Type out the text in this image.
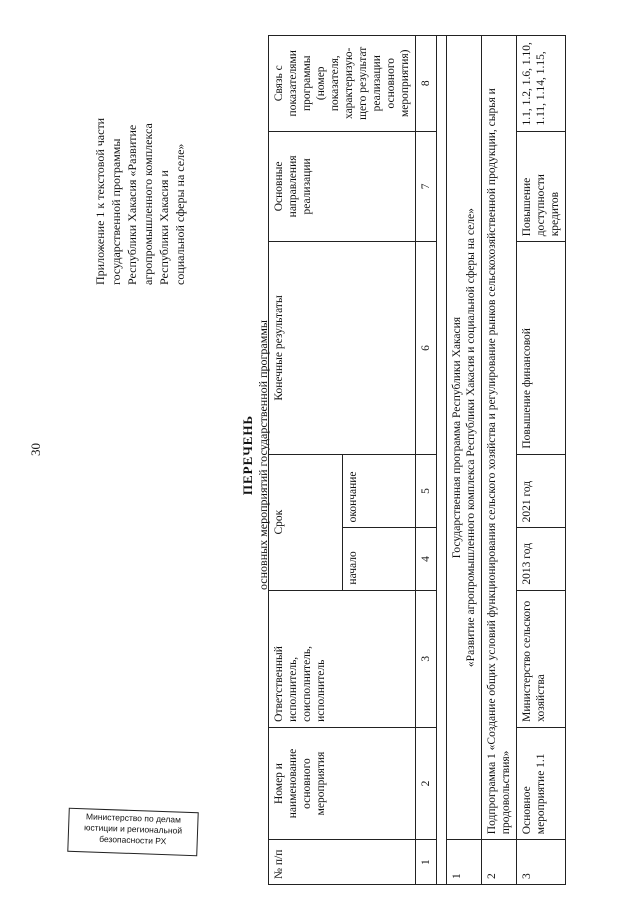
30
Приложение 1 к текстовой части государственной программы Республики Хакасия «Развитие агропромышленного комплекса Республики Хакасия и социальной сферы на селе»
ПЕРЕЧЕНЬ основных мероприятий государственной программы
№ п/п	Номер и наименование основного мероприятия	Ответственный исполнитель, соисполнитель, исполнитель	Срок		Конечные результаты	Основные направления реализации	Связь с показателями программы (номер показателя, характеризую-щего результат реализации основного мероприятия)
			начало	окончание			
1	2	3	4	5	6	7	8

1	Государственная программа Республики Хакасия «Развитие агропромышленного комплекса Республики Хакасия и социальной сферы на селе»						

2	Подпрограмма 1 «Создание общих условий функционирования сельского хозяйства и регулирование рынков сельскохозяйственной продукции, сырья и продовольствия»						
3	Основное мероприятие 1.1	Министерство сельского хозяйства	2013 год	2021 год	Повышение финансовой	Повышение доступности кредитов	1.1, 1.2, 1.6, 1.10, 1.11, 1.14, 1.15,
Министерство по делам
юстиции и региональной
безопасности РХ
